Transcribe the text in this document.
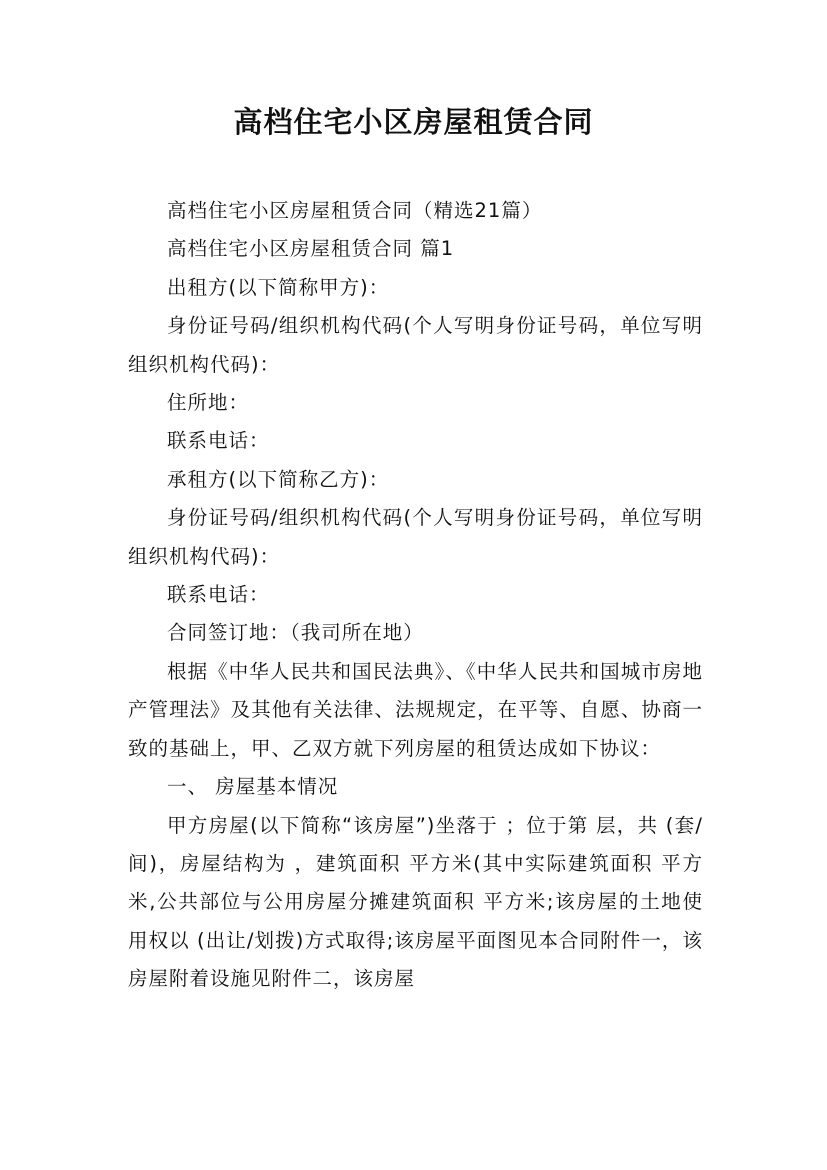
高档住宅小区房屋租赁合同

高档住宅小区房屋租赁合同（精选21篇）

高档住宅小区房屋租赁合同 篇1

出租方(以下简称甲方)：

身份证号码/组织机构代码(个人写明身份证号码，单位写明组织机构代码)：

住所地：

联系电话：

承租方(以下简称乙方)：

身份证号码/组织机构代码(个人写明身份证号码，单位写明组织机构代码)：

联系电话：

合同签订地：（我司所在地）

根据《中华人民共和国民法典》、《中华人民共和国城市房地产管理法》及其他有关法律、法规规定，在平等、自愿、协商一致的基础上，甲、乙双方就下列房屋的租赁达成如下协议：

一、 房屋基本情况

甲方房屋(以下简称“该房屋”)坐落于 ；位于第 层，共 (套/间)，房屋结构为 ，建筑面积 平方米(其中实际建筑面积 平方米,公共部位与公用房屋分摊建筑面积 平方米;该房屋的土地使用权以 (出让/划拨)方式取得;该房屋平面图见本合同附件一，该房屋附着设施见附件二，该房屋
